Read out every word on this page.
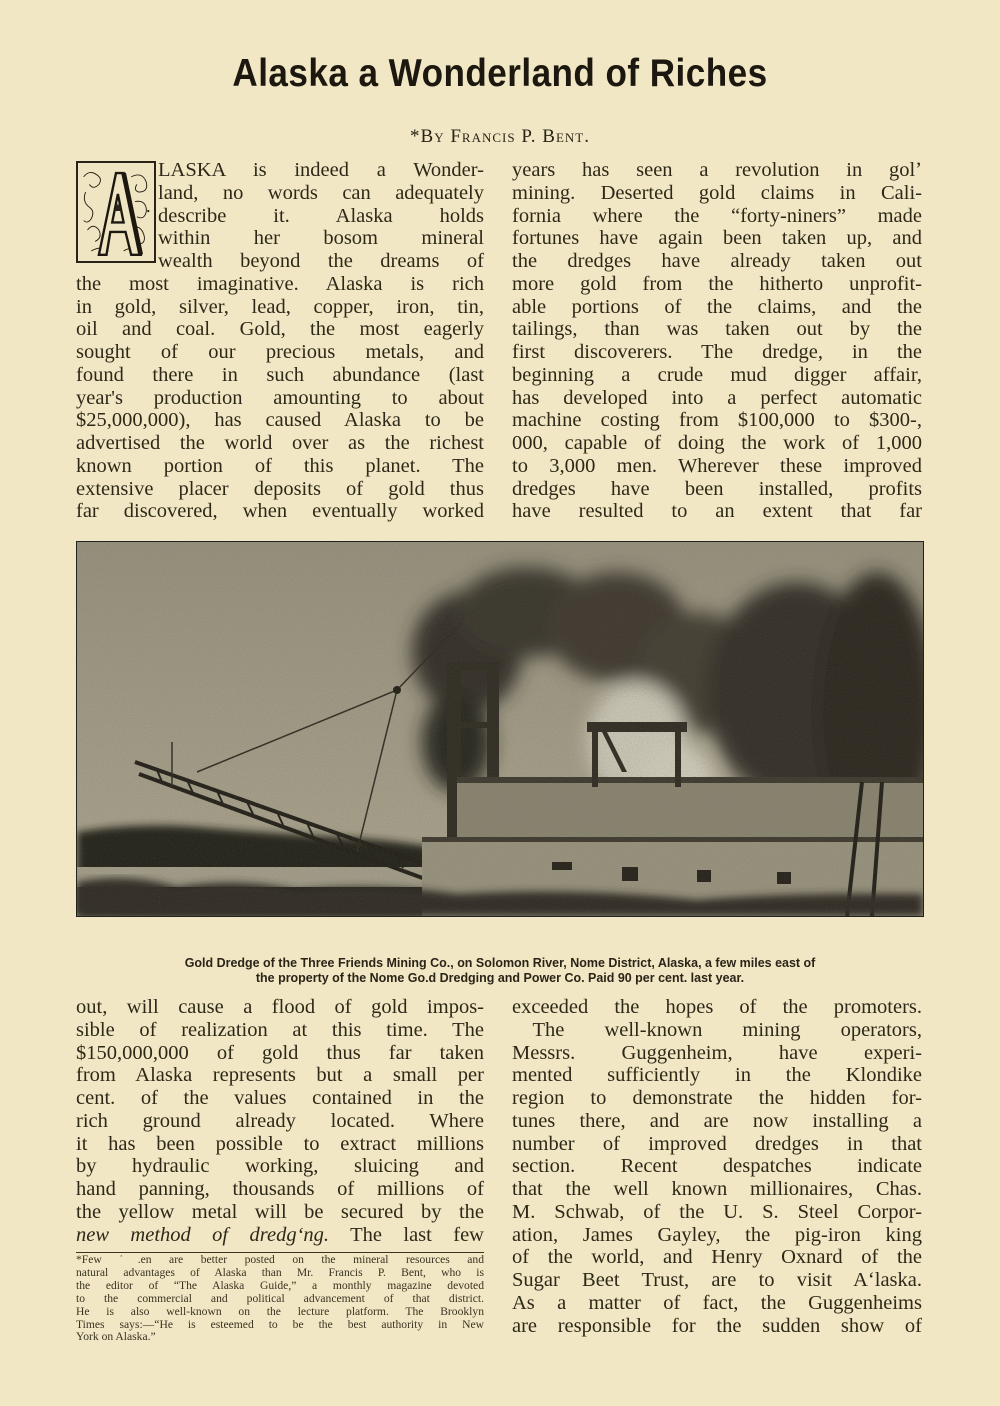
Alaska a Wonderland of Riches
*By Francis P. Bent.
LASKA is indeed a Wonder-
land, no words can adequately
describe it. Alaska holds
within her bosom mineral
wealth beyond the dreams of
the most imaginative. Alaska is rich
in gold, silver, lead, copper, iron, tin,
oil and coal. Gold, the most eagerly
sought of our precious metals, and
found there in such abundance (last
year's production amounting to about
$25,000,000), has caused Alaska to be
advertised the world over as the richest
known portion of this planet. The
extensive placer deposits of gold thus
far discovered, when eventually worked
years has seen a revolution in golʼ
mining. Deserted gold claims in Cali-
fornia where the “forty-niners” made
fortunes have again been taken up, and
the dredges have already taken out
more gold from the hitherto unprofit-
able portions of the claims, and the
tailings, than was taken out by the
first discoverers. The dredge, in the
beginning a crude mud digger affair,
has developed into a perfect automatic
machine costing from $100,000 to $300-,
000, capable of doing the work of 1,000
to 3,000 men. Wherever these improved
dredges have been installed, profits
have resulted to an extent that far
Gold Dredge of the Three Friends Mining Co., on Solomon River, Nome District, Alaska, a few miles east of
the property of the Nome Go.d Dredging and Power Co. Paid 90 per cent. last year.
out, will cause a flood of gold impos-
sible of realization at this time. The
$150,000,000 of gold thus far taken
from Alaska represents but a small per
cent. of the values contained in the
rich ground already located. Where
it has been possible to extract millions
by hydraulic working, sluicing and
hand panning, thousands of millions of
the yellow metal will be secured by the
new method of dredgʻng. The last few
exceeded the hopes of the promoters.
 The well-known mining operators,
Messrs. Guggenheim, have experi-
mented sufficiently in the Klondike
region to demonstrate the hidden for-
tunes there, and are now installing a
number of improved dredges in that
section. Recent despatches indicate
that the well known millionaires, Chas.
M. Schwab, of the U. S. Steel Corpor-
ation, James Gayley, the pig-iron king
of the world, and Henry Oxnard of the
Sugar Beet Trust, are to visit Aʻlaska.
As a matter of fact, the Guggenheims
are responsible for the sudden show of
*Few ˙.en are better posted on the mineral resources and
natural advantages of Alaska than Mr. Francis P. Bent, who is
the editor of “The Alaska Guide,” a monthly magazine devoted
to the commercial and political advancement of that district.
He is also well-known on the lecture platform. The Brooklyn
Times says:—“He is esteemed to be the best authority in New
York on Alaska.”
